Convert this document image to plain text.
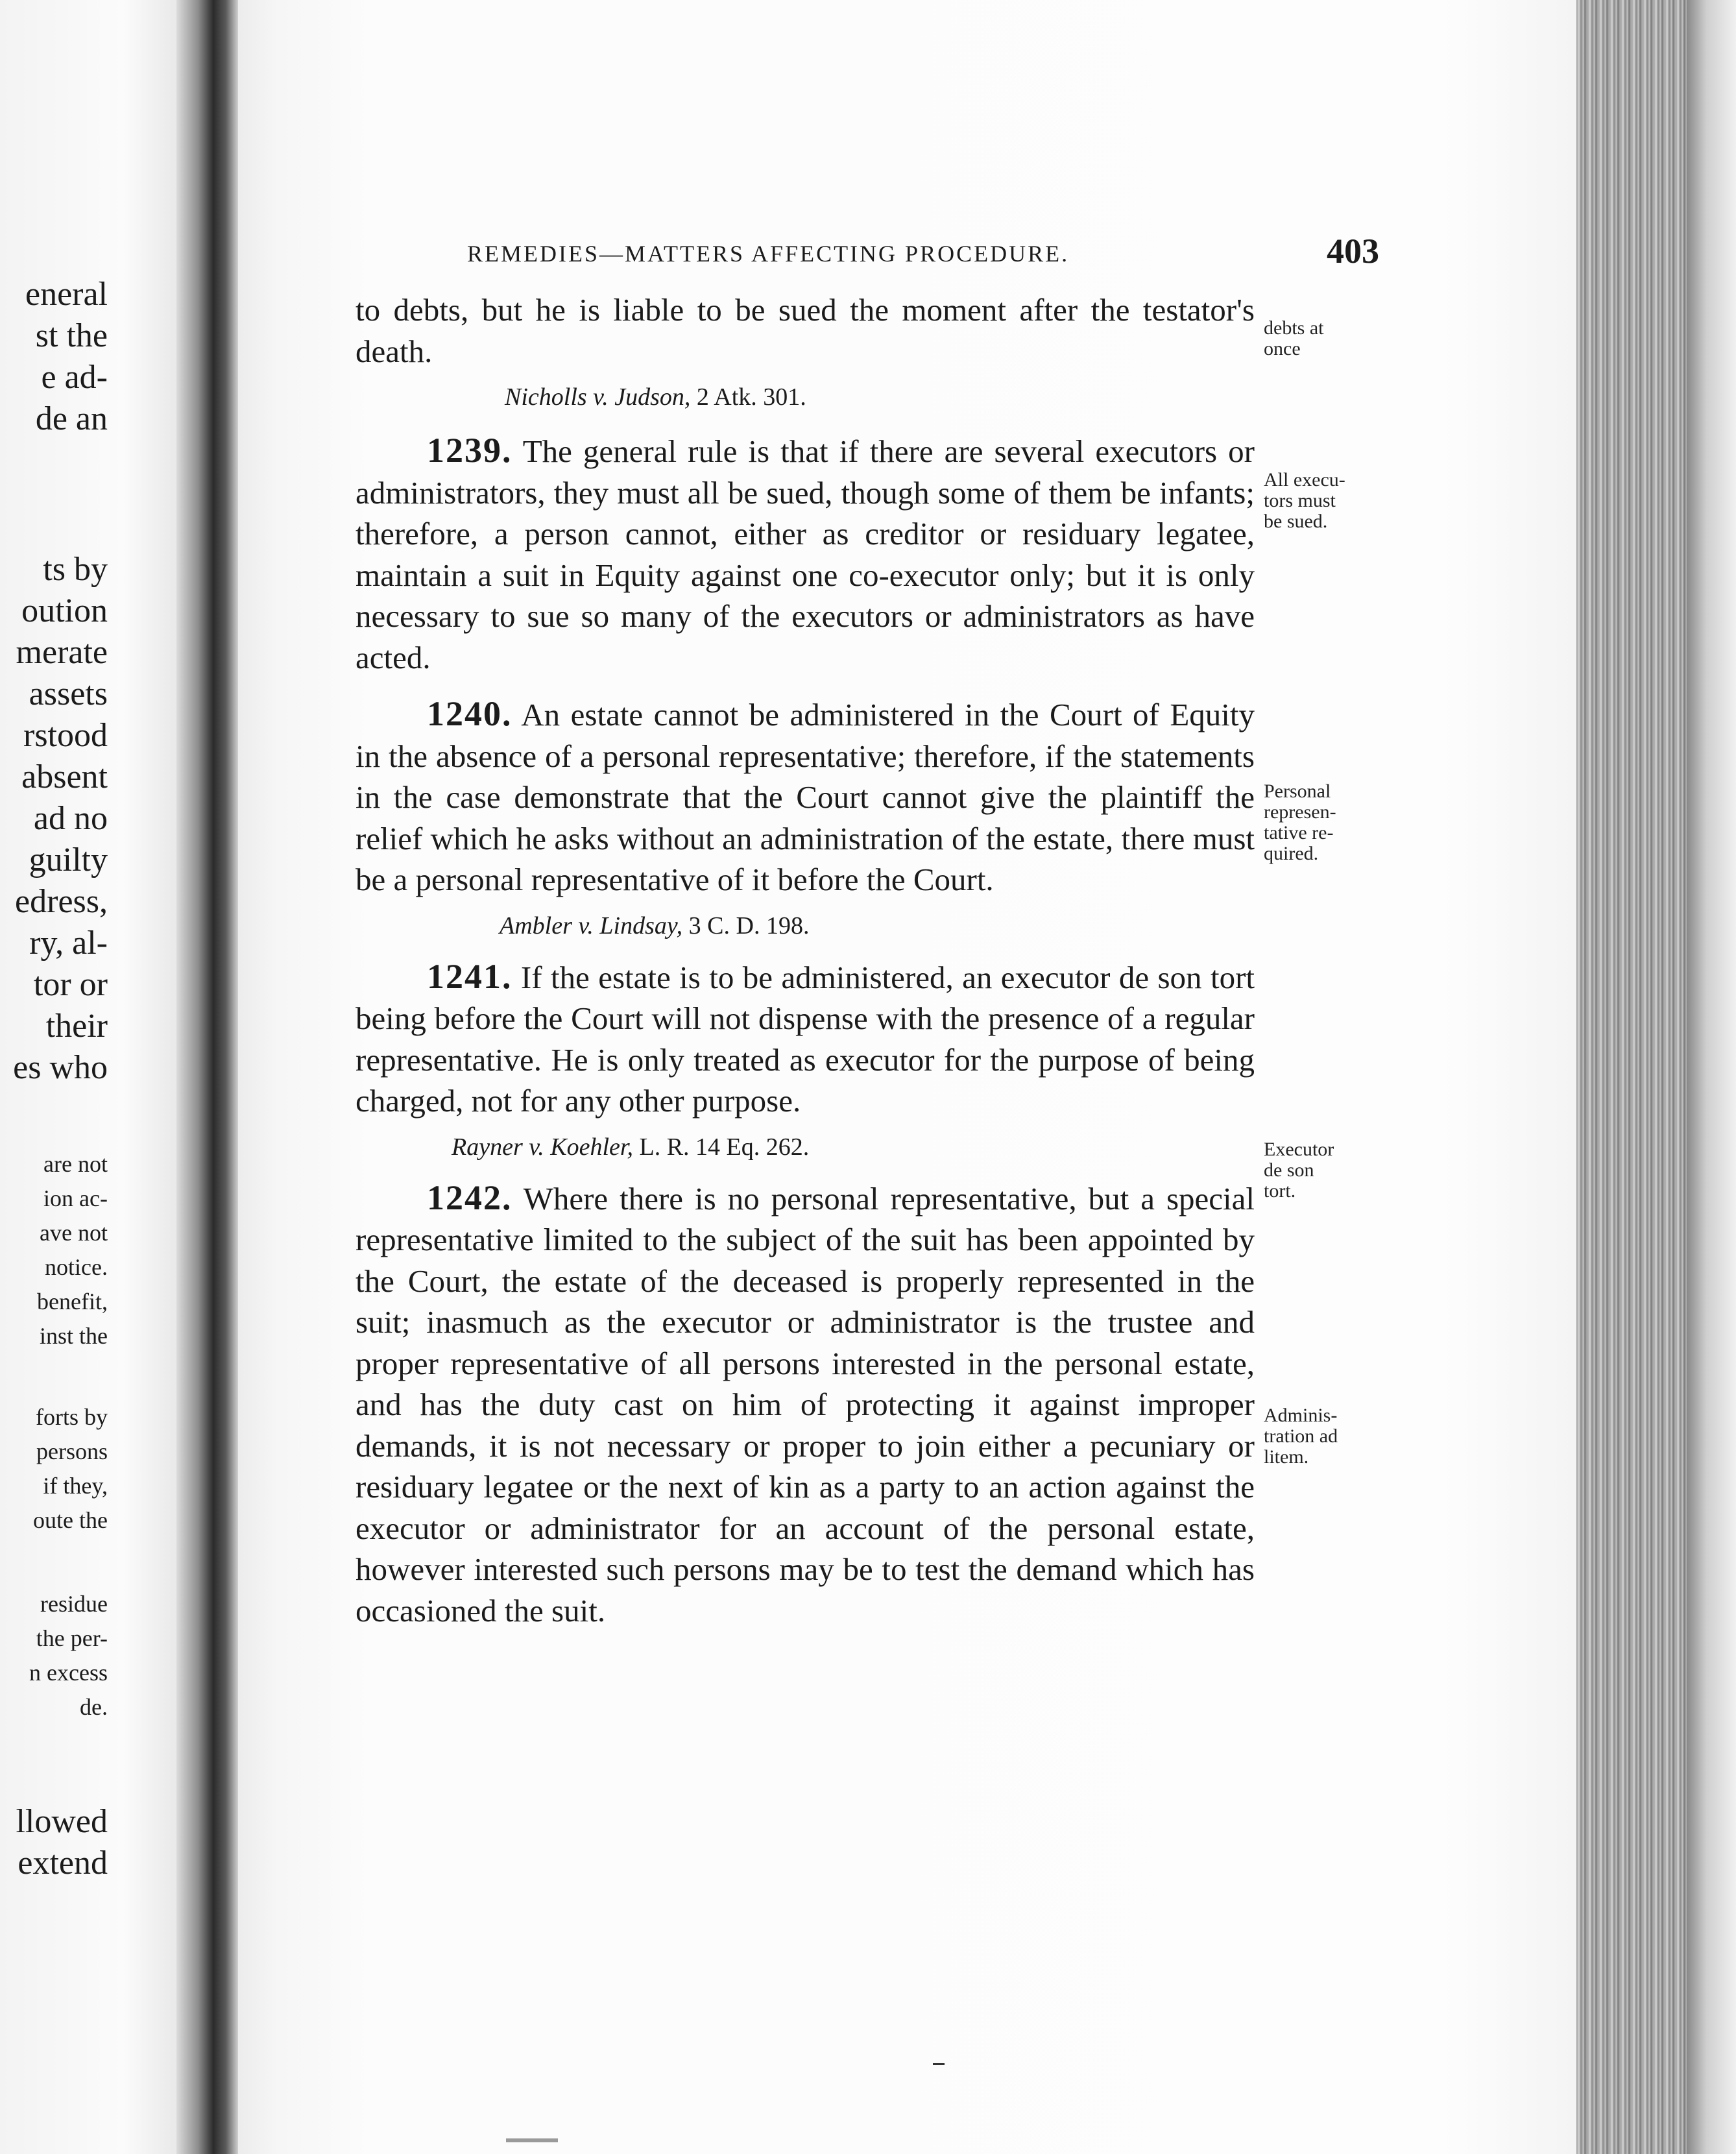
eneral
st the
e ad-
de an
ts by
oution
merate
assets
rstood
absent
ad no
guilty
edress,
ry, al-
tor or
their
es who
are not
ion ac-
ave not
notice.
benefit,
inst the
forts by
persons
if they,
oute the
residue
the per-
n excess
de.
llowed
extend
REMEDIES—MATTERS AFFECTING PROCEDURE.	403

to debts, but he is liable to be sued the moment after the testator's death.

Nicholls v. Judson, 2 Atk. 301.

1239. The general rule is that if there are several executors or administrators, they must all be sued, though some of them be infants; therefore, a person cannot, either as creditor or residuary legatee, maintain a suit in Equity against one co-executor only; but it is only necessary to sue so many of the executors or administrators as have acted.

1240. An estate cannot be administered in the Court of Equity in the absence of a personal representative; therefore, if the statements in the case demonstrate that the Court cannot give the plaintiff the relief which he asks without an administration of the estate, there must be a personal representative of it before the Court.

Ambler v. Lindsay, 3 C. D. 198.

1241. If the estate is to be administered, an executor de son tort being before the Court will not dispense with the presence of a regular representative. He is only treated as executor for the purpose of being charged, not for any other purpose.

Rayner v. Koehler, L. R. 14 Eq. 262.

1242. Where there is no personal representative, but a special representative limited to the subject of the suit has been appointed by the Court, the estate of the deceased is properly represented in the suit; inasmuch as the executor or administrator is the trustee and proper representative of all persons interested in the personal estate, and has the duty cast on him of protecting it against improper demands, it is not necessary or proper to join either a pecuniary or residuary legatee or the next of kin as a party to an action against the executor or administrator for an account of the personal estate, however interested such persons may be to test the demand which has occasioned the suit.

debts at
once
All execu-
tors must
be sued.
Personal
represen-
tative re-
quired.
Executor
de son
tort.
Adminis-
tration ad
litem.
